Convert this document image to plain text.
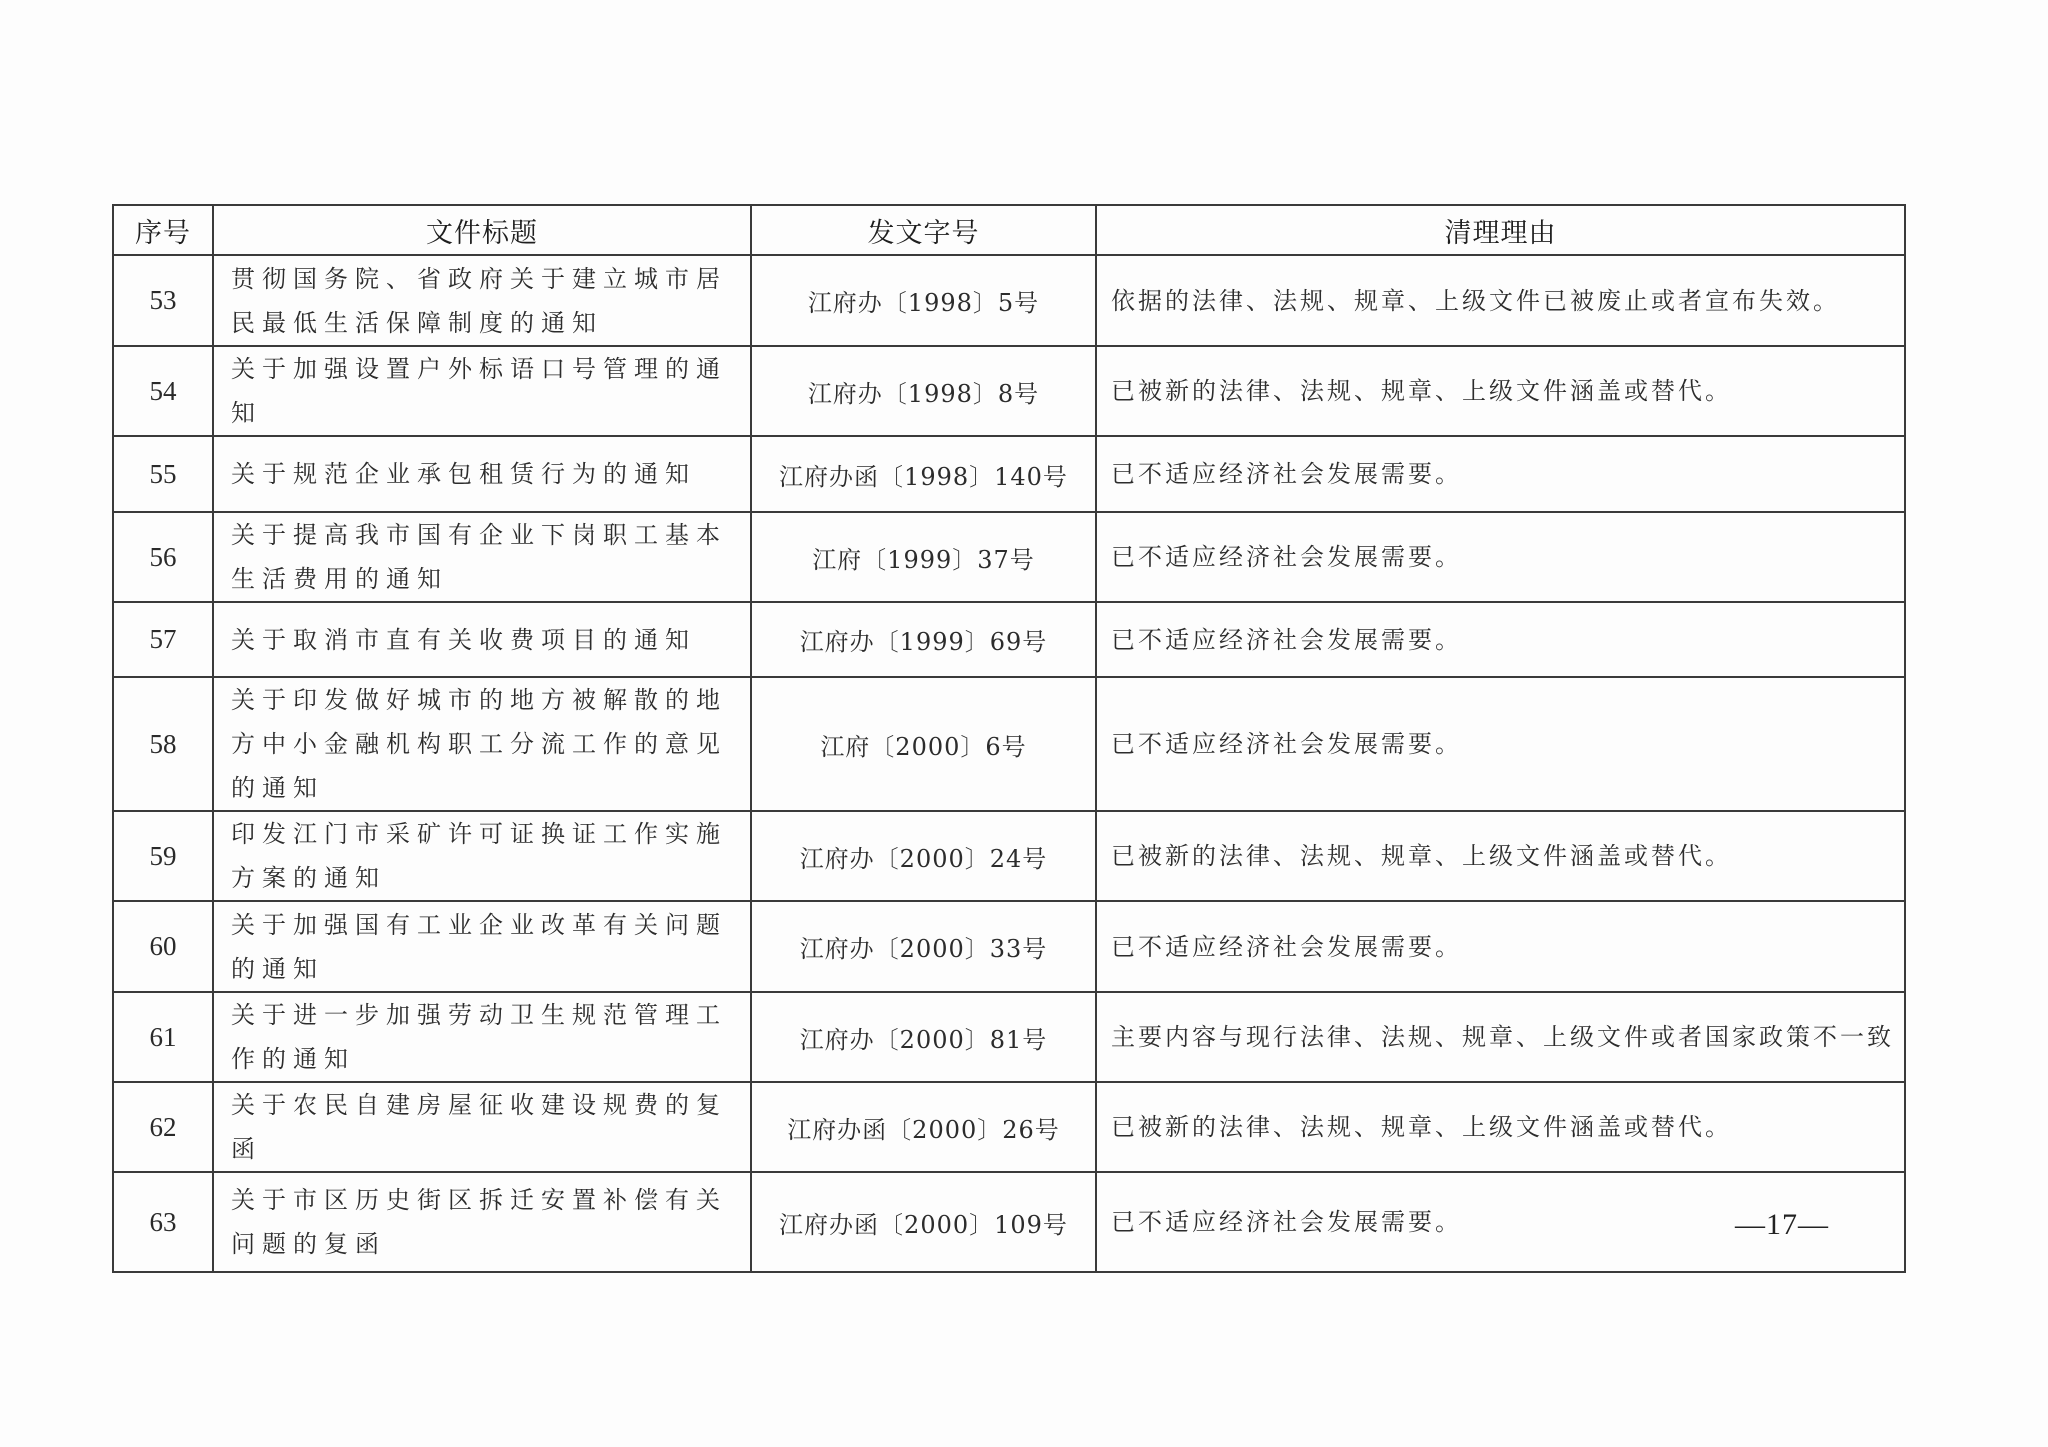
序号	文件标题	发文字号	清理理由
53	贯彻国务院、省政府关于建立城市居民最低生活保障制度的通知	江府办〔1998〕5号	依据的法律、法规、规章、上级文件已被废止或者宣布失效。
54	关于加强设置户外标语口号管理的通知	江府办〔1998〕8号	已被新的法律、法规、规章、上级文件涵盖或替代。
55	关于规范企业承包租赁行为的通知	江府办函〔1998〕140号	已不适应经济社会发展需要。
56	关于提高我市国有企业下岗职工基本生活费用的通知	江府〔1999〕37号	已不适应经济社会发展需要。
57	关于取消市直有关收费项目的通知	江府办〔1999〕69号	已不适应经济社会发展需要。
58	关于印发做好城市的地方被解散的地方中小金融机构职工分流工作的意见的通知	江府〔2000〕6号	已不适应经济社会发展需要。
59	印发江门市采矿许可证换证工作实施方案的通知	江府办〔2000〕24号	已被新的法律、法规、规章、上级文件涵盖或替代。
60	关于加强国有工业企业改革有关问题的通知	江府办〔2000〕33号	已不适应经济社会发展需要。
61	关于进一步加强劳动卫生规范管理工作的通知	江府办〔2000〕81号	主要内容与现行法律、法规、规章、上级文件或者国家政策不一致
62	关于农民自建房屋征收建设规费的复函	江府办函〔2000〕26号	已被新的法律、法规、规章、上级文件涵盖或替代。
63	关于市区历史街区拆迁安置补偿有关问题的复函	江府办函〔2000〕109号	已不适应经济社会发展需要。	—17—
